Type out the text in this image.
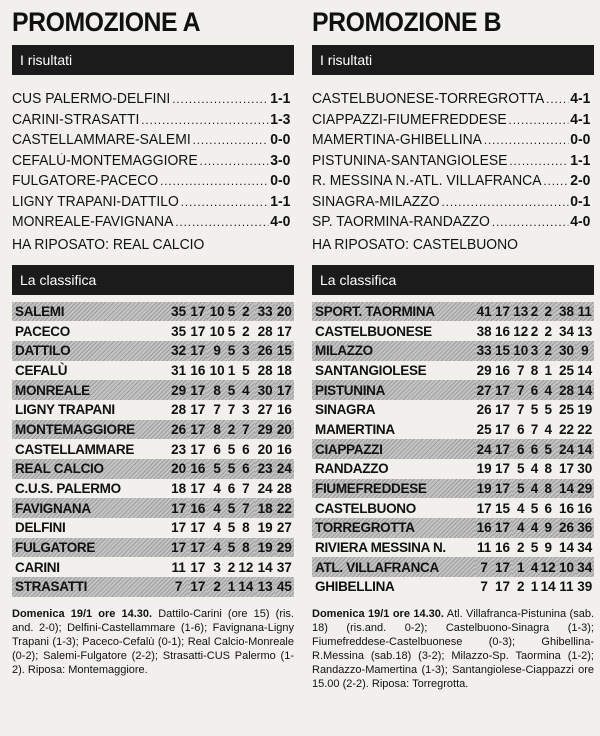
PROMOZIONE A
I risultati
CUS PALERMO-DELFINI .....	1-1
CARINI-STRASATTI .....	1-3
CASTELLAMMARE-SALEMI .....	0-0
CEFALÙ-MONTEMAGGIORE .....	3-0
FULGATORE-PACECO .....	0-0
LIGNY TRAPANI-DATTILO .....	1-1
MONREALE-FAVIGNANA .....	4-0
HA RIPOSATO: REAL CALCIO
La classifica
SALEMI	35	17	10	5	2	33	20
PACECO	35	17	10	5	2	28	17
DATTILO	32	17	9	5	3	26	15
CEFALÙ	31	16	10	1	5	28	18
MONREALE	29	17	8	5	4	30	17
LIGNY TRAPANI	28	17	7	7	3	27	16
MONTEMAGGIORE	26	17	8	2	7	29	20
CASTELLAMMARE	23	17	6	5	6	20	16
REAL CALCIO	20	16	5	5	6	23	24
C.U.S. PALERMO	18	17	4	6	7	24	28
FAVIGNANA	17	16	4	5	7	18	22
DELFINI	17	17	4	5	8	19	27
FULGATORE	17	17	4	5	8	19	29
CARINI	11	17	3	2	12	14	37
STRASATTI	7	17	2	1	14	13	45
Domenica 19/1 ore 14.30. Dattilo-Carini (ore 15) (ris. and. 2-0); Delfini-Castellammare (1-6); Favignana-Ligny Trapani (1-3); Paceco-Cefalù (0-1); Real Calcio-Monreale (0-2); Salemi-Fulgatore (2-2); Strasatti-CUS Palermo (1-2). Riposa: Montemaggiore.
PROMOZIONE B
I risultati
CASTELBUONESE-TORREGROTTA ..... 4-1
CIAPPAZZI-FIUMEFREDDESE .....	4-1
MAMERTINA-GHIBELLINA .....	0-0
PISTUNINA-SANTANGIOLESE .....	1-1
R. MESSINA N.-ATL. VILLAFRANCA ..... 2-0
SINAGRA-MILAZZO .....	0-1
SP. TAORMINA-RANDAZZO .....	4-0
HA RIPOSATO: CASTELBUONO
La classifica
SPORT. TAORMINA	41	17	13	2	2	38	11
CASTELBUONESE	38	16	12	2	2	34	13
MILAZZO	33	15	10	3	2	30	9
SANTANGIOLESE	29	16	7	8	1	25	14
PISTUNINA	27	17	7	6	4	28	14
SINAGRA	26	17	7	5	5	25	19
MAMERTINA	25	17	6	7	4	22	22
CIAPPAZZI	24	17	6	6	5	24	14
RANDAZZO	19	17	5	4	8	17	30
FIUMEFREDDESE	19	17	5	4	8	14	29
CASTELBUONO	17	15	4	5	6	16	16
TORREGROTTA	16	17	4	4	9	26	36
RIVIERA MESSINA N.	11	16	2	5	9	14	34
ATL. VILLAFRANCA	7	17	1	4	12	10	34
GHIBELLINA	7	17	2	1	14	11	39
Domenica 19/1 ore 14.30. Atl. Villafranca-Pistunina (sab. 18) (ris.and. 0-2); Castelbuono-Sinagra (1-3); Fiumefreddese-Castelbuonese (0-3); Ghibellina-R.Messina (sab.18) (3-2); Milazzo-Sp. Taormina (1-2); Randazzo-Mamertina (1-3); Santangiolese-Ciappazzi ore 15.00 (2-2). Riposa: Torregrotta.
